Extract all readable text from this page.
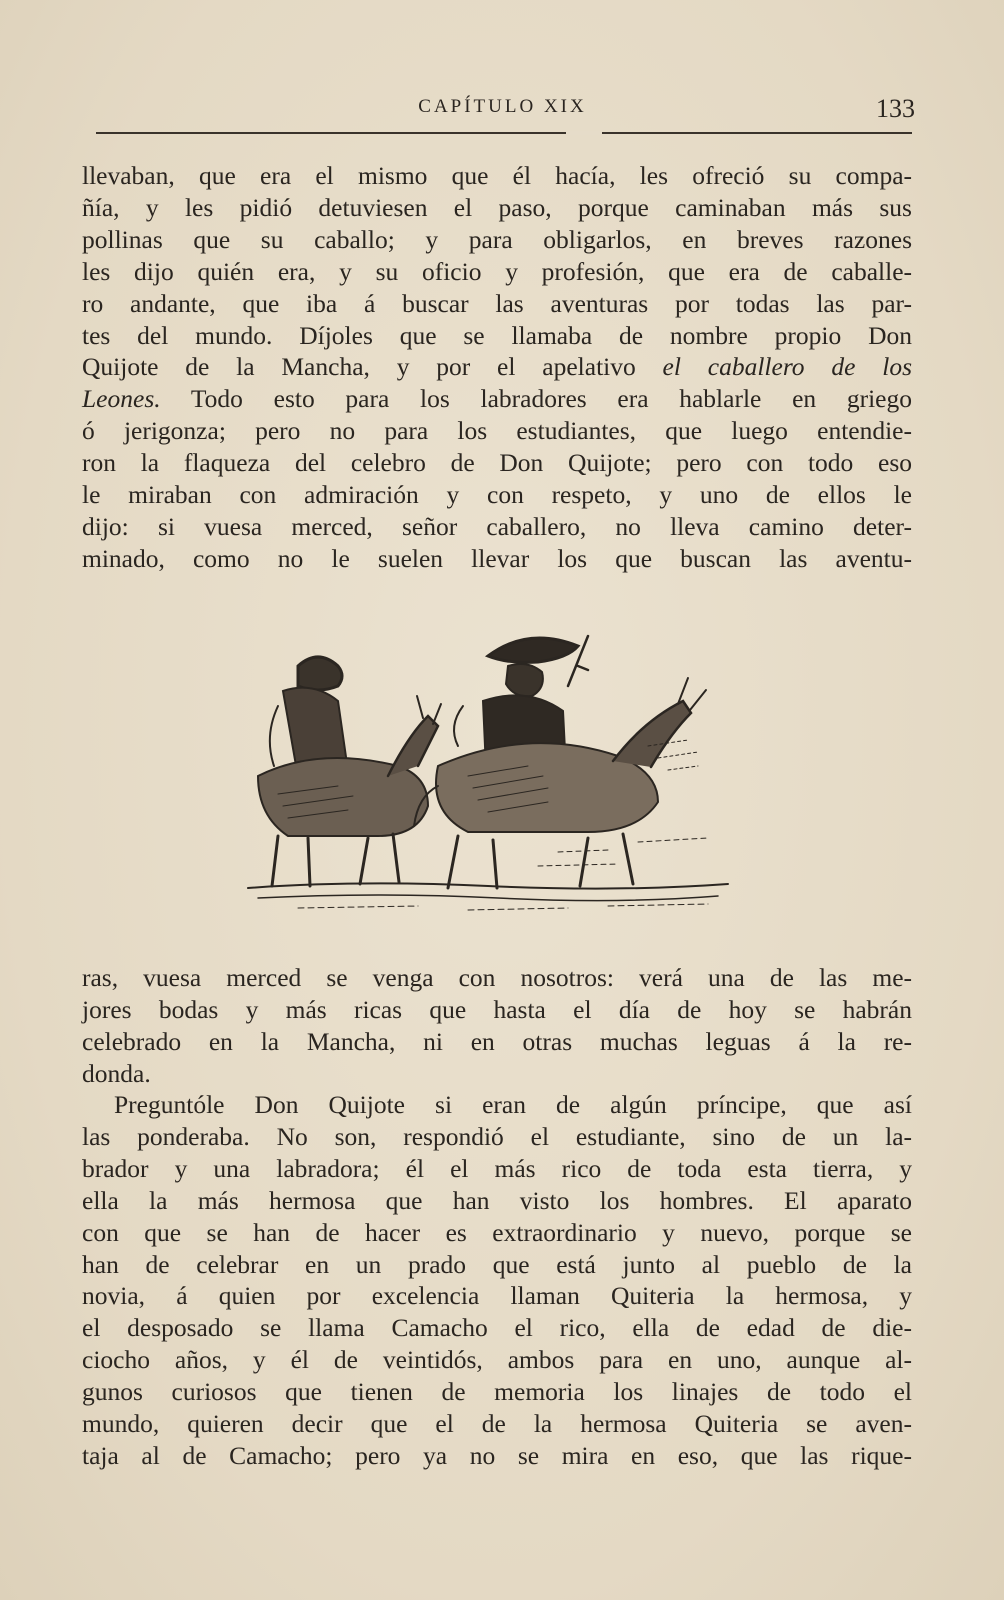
CAPÍTULO XIX	133

llevaban, que era el mismo que él hacía, les ofreció su compa-
ñía, y les pidió detuviesen el paso, porque caminaban más sus
pollinas que su caballo; y para obligarlos, en breves razones
les dijo quién era, y su oficio y profesión, que era de caballe-
ro andante, que iba á buscar las aventuras por todas las par-
tes del mundo. Díjoles que se llamaba de nombre propio Don
Quijote de la Mancha, y por el apelativo el caballero de los
Leones. Todo esto para los labradores era hablarle en griego
ó jerigonza; pero no para los estudiantes, que luego entendie-
ron la flaqueza del celebro de Don Quijote; pero con todo eso
le miraban con admiración y con respeto, y uno de ellos le
dijo: si vuesa merced, señor caballero, no lleva camino deter-
minado, como no le suelen llevar los que buscan las aventu-

ras, vuesa merced se venga con nosotros: verá una de las me-
jores bodas y más ricas que hasta el día de hoy se habrán
celebrado en la Mancha, ni en otras muchas leguas á la re-
donda.

Preguntóle Don Quijote si eran de algún príncipe, que así
las ponderaba. No son, respondió el estudiante, sino de un la-
brador y una labradora; él el más rico de toda esta tierra, y
ella la más hermosa que han visto los hombres. El aparato
con que se han de hacer es extraordinario y nuevo, porque se
han de celebrar en un prado que está junto al pueblo de la
novia, á quien por excelencia llaman Quiteria la hermosa, y
el desposado se llama Camacho el rico, ella de edad de die-
ciocho años, y él de veintidós, ambos para en uno, aunque al-
gunos curiosos que tienen de memoria los linajes de todo el
mundo, quieren decir que el de la hermosa Quiteria se aven-
taja al de Camacho; pero ya no se mira en eso, que las rique-
